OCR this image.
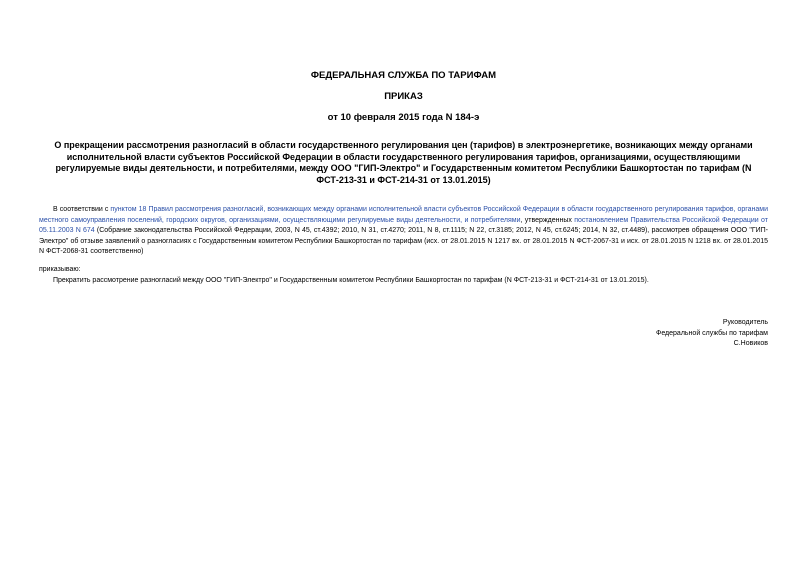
ФЕДЕРАЛЬНАЯ СЛУЖБА ПО ТАРИФАМ
ПРИКАЗ
от 10 февраля 2015 года N 184-э
О прекращении рассмотрения разногласий в области государственного регулирования цен (тарифов) в электроэнергетике, возникающих между органами исполнительной власти субъектов Российской Федерации в области государственного регулирования тарифов, организациями, осуществляющими регулируемые виды деятельности, и потребителями, между ООО "ГИП-Электро" и Государственным комитетом Республики Башкортостан по тарифам (N ФСТ-213-31 и ФСТ-214-31 от 13.01.2015)
В соответствии с пунктом 18 Правил рассмотрения разногласий, возникающих между органами исполнительной власти субъектов Российской Федерации в области государственного регулирования тарифов, органами местного самоуправления поселений, городских округов, организациями, осуществляющими регулируемые виды деятельности, и потребителями, утвержденных постановлением Правительства Российской Федерации от 05.11.2003 N 674 (Собрание законодательства Российской Федерации, 2003, N 45, ст.4392; 2010, N 31, ст.4270; 2011, N 8, ст.1115; N 22, ст.3185; 2012, N 45, ст.6245; 2014, N 32, ст.4489), рассмотрев обращения ООО "ГИП-Электро" об отзыве заявлений о разногласиях с Государственным комитетом Республики Башкортостан по тарифам (исх. от 28.01.2015 N 1217 вх. от 28.01.2015 N ФСТ-2067-31 и исх. от 28.01.2015 N 1218 вх. от 28.01.2015 N ФСТ-2068-31 соответственно)
приказываю:
Прекратить рассмотрение разногласий между ООО "ГИП-Электро" и Государственным комитетом Республики Башкортостан по тарифам (N ФСТ-213-31 и ФСТ-214-31 от 13.01.2015).
Руководитель
Федеральной службы по тарифам
С.Новиков
